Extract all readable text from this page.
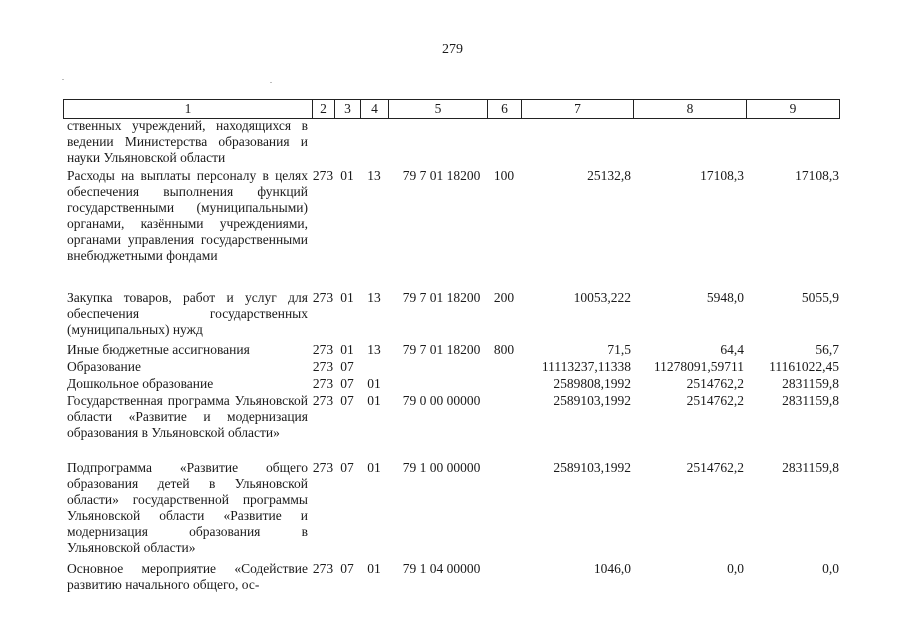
279
1	2	3	4	5	6	7	8	9
ственных учреждений, находящихся в ведении Министерства образования и науки Ульяновской области								
Расходы на выплаты персоналу в целях обеспечения выполнения функций государственными (муниципальными) органами, казёнными учреждениями, органами управления государственными внебюджетными фондами	273	01	13	79 7 01 18200	100	25132,8	17108,3	17108,3
Закупка товаров, работ и услуг для обеспечения государственных (муниципальных) нужд	273	01	13	79 7 01 18200	200	10053,222	5948,0	5055,9
Иные бюджетные ассигнования	273	01	13	79 7 01 18200	800	71,5	64,4	56,7
Образование	273	07				11113237,11338	11278091,59711	11161022,45
Дошкольное образование	273	07	01			2589808,1992	2514762,2	2831159,8
Государственная программа Ульяновской области «Развитие и модернизация образования в Ульяновской области»	273	07	01	79 0 00 00000		2589103,1992	2514762,2	2831159,8
Подпрограмма «Развитие общего образования детей в Ульяновской области» государственной программы Ульяновской области «Развитие и модернизация образования в Ульяновской области»	273	07	01	79 1 00 00000		2589103,1992	2514762,2	2831159,8
Основное мероприятие «Содействие развитию начального общего, ос-	273	07	01	79 1 04 00000		1046,0	0,0	0,0
